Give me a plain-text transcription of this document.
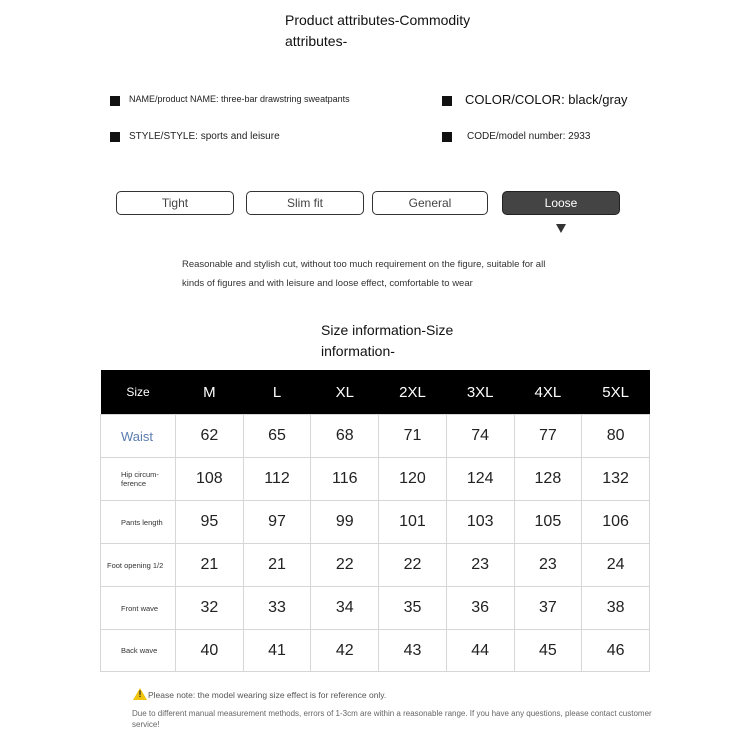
Product attributes-Commodity attributes-
NAME/product NAME: three-bar drawstring sweatpants	COLOR/COLOR: black/gray
STYLE/STYLE: sports and leisure	CODE/model number: 2933
Tight	Slim fit	General	Loose
Reasonable and stylish cut, without too much requirement on the figure, suitable for all kinds of figures and with leisure and loose effect, comfortable to wear
Size information-Size information-
Size	M	L	XL	2XL	3XL	4XL	5XL
Waist	62	65	68	71	74	77	80
Hip circum-ference	108	112	116	120	124	128	132
Pants length	95	97	99	101	103	105	106
Foot opening 1/2	21	21	22	22	23	23	24
Front wave	32	33	34	35	36	37	38
Back wave	40	41	42	43	44	45	46
! Please note: the model wearing size effect is for reference only.
Due to different manual measurement methods, errors of 1-3cm are within a reasonable range. If you have any questions, please contact customer service!
